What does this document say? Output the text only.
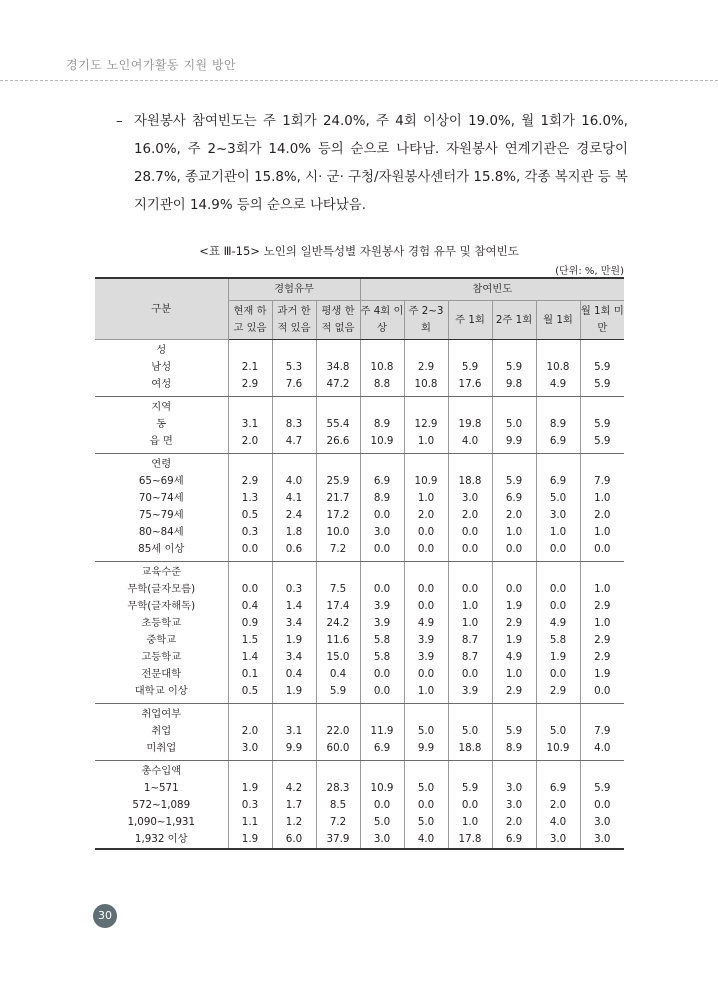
경기도 노인여가활동 지원 방안
– 자원봉사 참여빈도는 주 1회가 24.0%, 주 4회 이상이 19.0%, 월 1회가 16.0%, 16.0%, 주 2~3회가 14.0% 등의 순으로 나타남. 자원봉사 연계기관은 경로당이 28.7%, 종교기관이 15.8%, 시· 군· 구청/자원봉사센터가 15.8%, 각종 복지관 등 복지기관이 14.9% 등의 순으로 나타났음.
<표 Ⅲ-15> 노인의 일반특성별 자원봉사 경험 유무 및 참여빈도
(단위: %, 만원)
구분	경험유무			참여빈도					
	현재 하고 있음	과거 한적 있음	평생 한적 없음	주 4회 이상	주 2~3회	주 1회	2주 1회	월 1회	월 1회 미만
성									
남성	2.1	5.3	34.8	10.8	2.9	5.9	5.9	10.8	5.9
여성	2.9	7.6	47.2	8.8	10.8	17.6	9.8	4.9	5.9
지역									
동	3.1	8.3	55.4	8.9	12.9	19.8	5.0	8.9	5.9
읍 면	2.0	4.7	26.6	10.9	1.0	4.0	9.9	6.9	5.9
연령									
65~69세	2.9	4.0	25.9	6.9	10.9	18.8	5.9	6.9	7.9
70~74세	1.3	4.1	21.7	8.9	1.0	3.0	6.9	5.0	1.0
75~79세	0.5	2.4	17.2	0.0	2.0	2.0	2.0	3.0	2.0
80~84세	0.3	1.8	10.0	3.0	0.0	0.0	1.0	1.0	1.0
85세 이상	0.0	0.6	7.2	0.0	0.0	0.0	0.0	0.0	0.0
교육수준									
무학(글자모름)	0.0	0.3	7.5	0.0	0.0	0.0	0.0	0.0	1.0
무학(글자해독)	0.4	1.4	17.4	3.9	0.0	1.0	1.9	0.0	2.9
초등학교	0.9	3.4	24.2	3.9	4.9	1.0	2.9	4.9	1.0
중학교	1.5	1.9	11.6	5.8	3.9	8.7	1.9	5.8	2.9
고등학교	1.4	3.4	15.0	5.8	3.9	8.7	4.9	1.9	2.9
전문대학	0.1	0.4	0.4	0.0	0.0	0.0	1.0	0.0	1.9
대학교 이상	0.5	1.9	5.9	0.0	1.0	3.9	2.9	2.9	0.0
취업여부									
취업	2.0	3.1	22.0	11.9	5.0	5.0	5.9	5.0	7.9
미취업	3.0	9.9	60.0	6.9	9.9	18.8	8.9	10.9	4.0
총수입액									
1~571	1.9	4.2	28.3	10.9	5.0	5.9	3.0	6.9	5.9
572~1,089	0.3	1.7	8.5	0.0	0.0	0.0	3.0	2.0	0.0
1,090~1,931	1.1	1.2	7.2	5.0	5.0	1.0	2.0	4.0	3.0
1,932 이상	1.9	6.0	37.9	3.0	4.0	17.8	6.9	3.0	3.0
30
